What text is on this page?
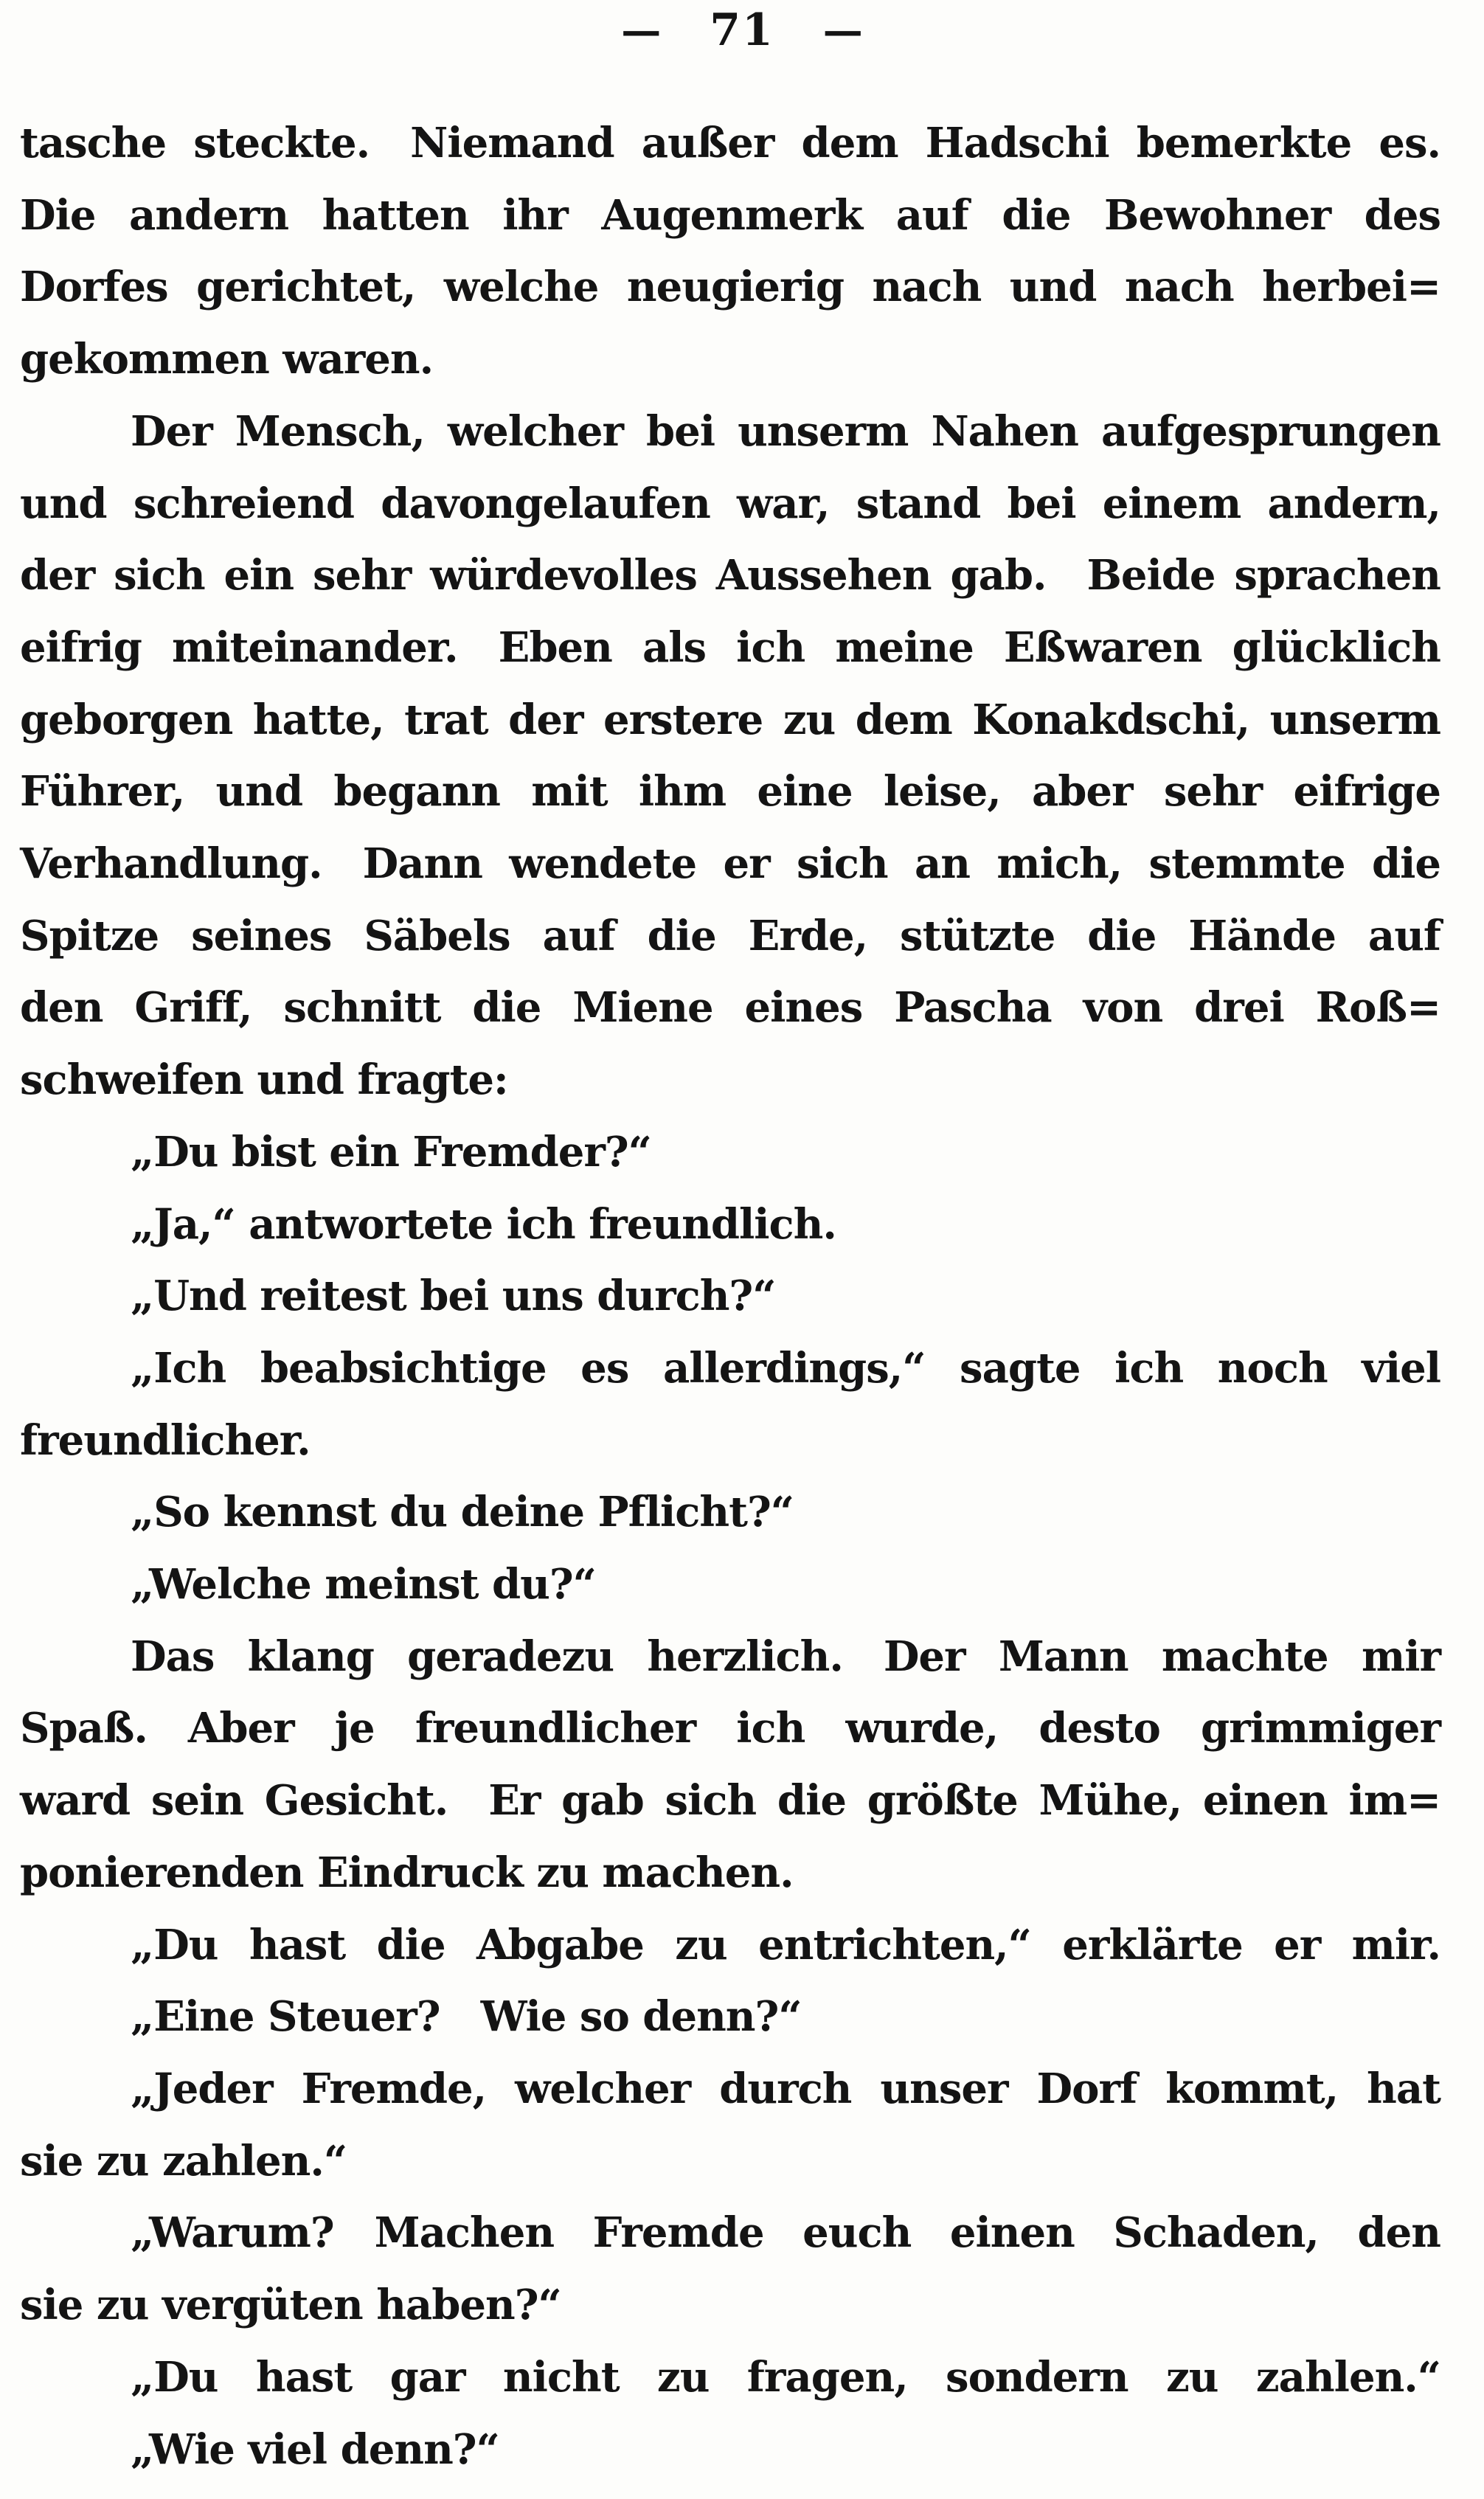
— 71 —
tasche steckte. Niemand außer dem Hadschi bemerkte es.
Die andern hatten ihr Augenmerk auf die Bewohner des
Dorfes gerichtet, welche neugierig nach und nach herbei=
gekommen waren.
Der Mensch, welcher bei unserm Nahen aufgesprungen
und schreiend davongelaufen war, stand bei einem andern,
der sich ein sehr würdevolles Aussehen gab. Beide sprachen
eifrig miteinander. Eben als ich meine Eßwaren glücklich
geborgen hatte, trat der erstere zu dem Konakdschi, unserm
Führer, und begann mit ihm eine leise, aber sehr eifrige
Verhandlung. Dann wendete er sich an mich, stemmte die
Spitze seines Säbels auf die Erde, stützte die Hände auf
den Griff, schnitt die Miene eines Pascha von drei Roß=
schweifen und fragte:
„Du bist ein Fremder?“
„Ja,“ antwortete ich freundlich.
„Und reitest bei uns durch?“
„Ich beabsichtige es allerdings,“ sagte ich noch viel
freundlicher.
„So kennst du deine Pflicht?“
„Welche meinst du?“
Das klang geradezu herzlich. Der Mann machte mir
Spaß. Aber je freundlicher ich wurde, desto grimmiger
ward sein Gesicht. Er gab sich die größte Mühe, einen im=
ponierenden Eindruck zu machen.
„Du hast die Abgabe zu entrichten,“ erklärte er mir.
„Eine Steuer? Wie so denn?“
„Jeder Fremde, welcher durch unser Dorf kommt, hat
sie zu zahlen.“
„Warum? Machen Fremde euch einen Schaden, den
sie zu vergüten haben?“
„Du hast gar nicht zu fragen, sondern zu zahlen.“
„Wie viel denn?“
